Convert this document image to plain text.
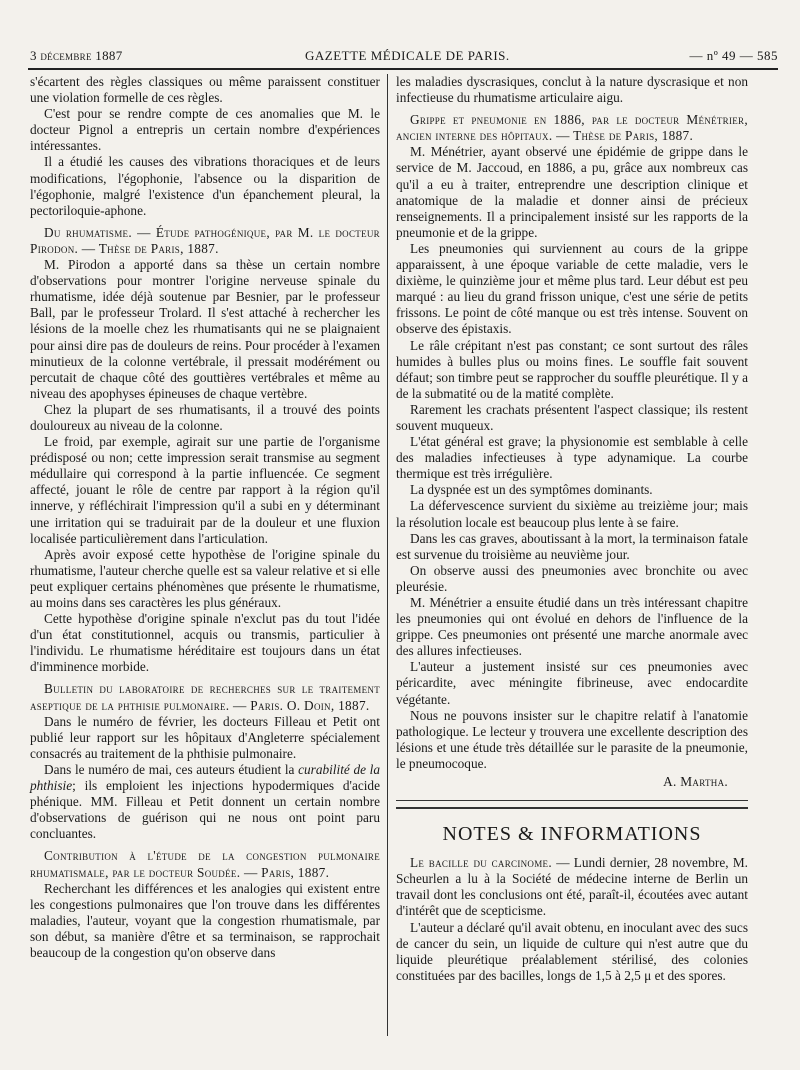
3 décembre 1887	GAZETTE MÉDICALE DE PARIS.	— nº 49 — 585

s'écartent des règles classiques ou même paraissent constituer une violation formelle de ces règles.

C'est pour se rendre compte de ces anomalies que M. le docteur Pignol a entrepris un certain nombre d'expériences intéressantes.

Il a étudié les causes des vibrations thoraciques et de leurs modifications, l'égophonie, l'absence ou la disparition de l'égophonie, malgré l'existence d'un épanchement pleural, la pectoriloquie-aphone.

Du rhumatisme. — Étude pathogénique, par M. le docteur Pirodon. — Thèse de Paris, 1887.

M. Pirodon a apporté dans sa thèse un certain nombre d'observations pour montrer l'origine nerveuse spinale du rhumatisme, idée déjà soutenue par Besnier, par le professeur Ball, par le professeur Trolard. Il s'est attaché à rechercher les lésions de la moelle chez les rhumatisants qui ne se plaignaient pour ainsi dire pas de douleurs de reins. Pour procéder à l'examen minutieux de la colonne vertébrale, il pressait modérément ou percutait de chaque côté des gouttières vertébrales et même au niveau des apophyses épineuses de chaque vertèbre.

Chez la plupart de ses rhumatisants, il a trouvé des points douloureux au niveau de la colonne.

Le froid, par exemple, agirait sur une partie de l'organisme prédisposé ou non; cette impression serait transmise au segment médullaire qui correspond à la partie influencée. Ce segment affecté, jouant le rôle de centre par rapport à la région qu'il innerve, y réfléchirait l'impression qu'il a subi en y déterminant une irritation qui se traduirait par de la douleur et une fluxion localisée particulièrement dans l'articulation.

Après avoir exposé cette hypothèse de l'origine spinale du rhumatisme, l'auteur cherche quelle est sa valeur relative et si elle peut expliquer certains phénomènes que présente le rhumatisme, au moins dans ses caractères les plus généraux.

Cette hypothèse d'origine spinale n'exclut pas du tout l'idée d'un état constitutionnel, acquis ou transmis, particulier à l'individu. Le rhumatisme héréditaire est toujours dans un état d'imminence morbide.

Bulletin du laboratoire de recherches sur le traitement aseptique de la phthisie pulmonaire. — Paris. O. Doin, 1887.

Dans le numéro de février, les docteurs Filleau et Petit ont publié leur rapport sur les hôpitaux d'Angleterre spécialement consacrés au traitement de la phthisie pulmonaire.

Dans le numéro de mai, ces auteurs étudient la curabilité de la phthisie; ils emploient les injections hypodermiques d'acide phénique. MM. Filleau et Petit donnent un certain nombre d'observations de guérison qui ne nous ont point paru concluantes.

Contribution à l'étude de la congestion pulmonaire rhumatismale, par le docteur Soudée. — Paris, 1887.

Recherchant les différences et les analogies qui existent entre les congestions pulmonaires que l'on trouve dans les différentes maladies, l'auteur, voyant que la congestion rhumatismale, par son début, sa manière d'être et sa terminaison, se rapprochait beaucoup de la congestion qu'on observe dans

les maladies dyscrasiques, conclut à la nature dyscrasique et non infectieuse du rhumatisme articulaire aigu.

Grippe et pneumonie en 1886, par le docteur Ménétrier, ancien interne des hôpitaux. — Thèse de Paris, 1887.

M. Ménétrier, ayant observé une épidémie de grippe dans le service de M. Jaccoud, en 1886, a pu, grâce aux nombreux cas qu'il a eu à traiter, entreprendre une description clinique et anatomique de la maladie et donner ainsi de précieux renseignements. Il a principalement insisté sur les rapports de la pneumonie et de la grippe.

Les pneumonies qui surviennent au cours de la grippe apparaissent, à une époque variable de cette maladie, vers le dixième, le quinzième jour et même plus tard. Leur début est peu marqué : au lieu du grand frisson unique, c'est une série de petits frissons. Le point de côté manque ou est très intense. Souvent on observe des épistaxis.

Le râle crépitant n'est pas constant; ce sont surtout des râles humides à bulles plus ou moins fines. Le souffle fait souvent défaut; son timbre peut se rapprocher du souffle pleurétique. Il y a de la submatité ou de la matité complète.

Rarement les crachats présentent l'aspect classique; ils restent souvent muqueux.

L'état général est grave; la physionomie est semblable à celle des maladies infectieuses à type adynamique. La courbe thermique est très irrégulière.

La dyspnée est un des symptômes dominants.

La défervescence survient du sixième au treizième jour; mais la résolution locale est beaucoup plus lente à se faire.

Dans les cas graves, aboutissant à la mort, la terminaison fatale est survenue du troisième au neuvième jour.

On observe aussi des pneumonies avec bronchite ou avec pleurésie.

M. Ménétrier a ensuite étudié dans un très intéressant chapitre les pneumonies qui ont évolué en dehors de l'influence de la grippe. Ces pneumonies ont présenté une marche anormale avec des allures infectieuses.

L'auteur a justement insisté sur ces pneumonies avec péricardite, avec méningite fibrineuse, avec endocardite végétante.

Nous ne pouvons insister sur le chapitre relatif à l'anatomie pathologique. Le lecteur y trouvera une excellente description des lésions et une étude très détaillée sur le parasite de la pneumonie, le pneumocoque.

A. Martha.

NOTES & INFORMATIONS

Le bacille du carcinome. — Lundi dernier, 28 novembre, M. Scheurlen a lu à la Société de médecine interne de Berlin un travail dont les conclusions ont été, paraît-il, écoutées avec autant d'intérêt que de scepticisme.

L'auteur a déclaré qu'il avait obtenu, en inoculant avec des sucs de cancer du sein, un liquide de culture qui n'est autre que du liquide pleurétique préalablement stérilisé, des colonies constituées par des bacilles, longs de 1,5 à 2,5 μ et des spores.
